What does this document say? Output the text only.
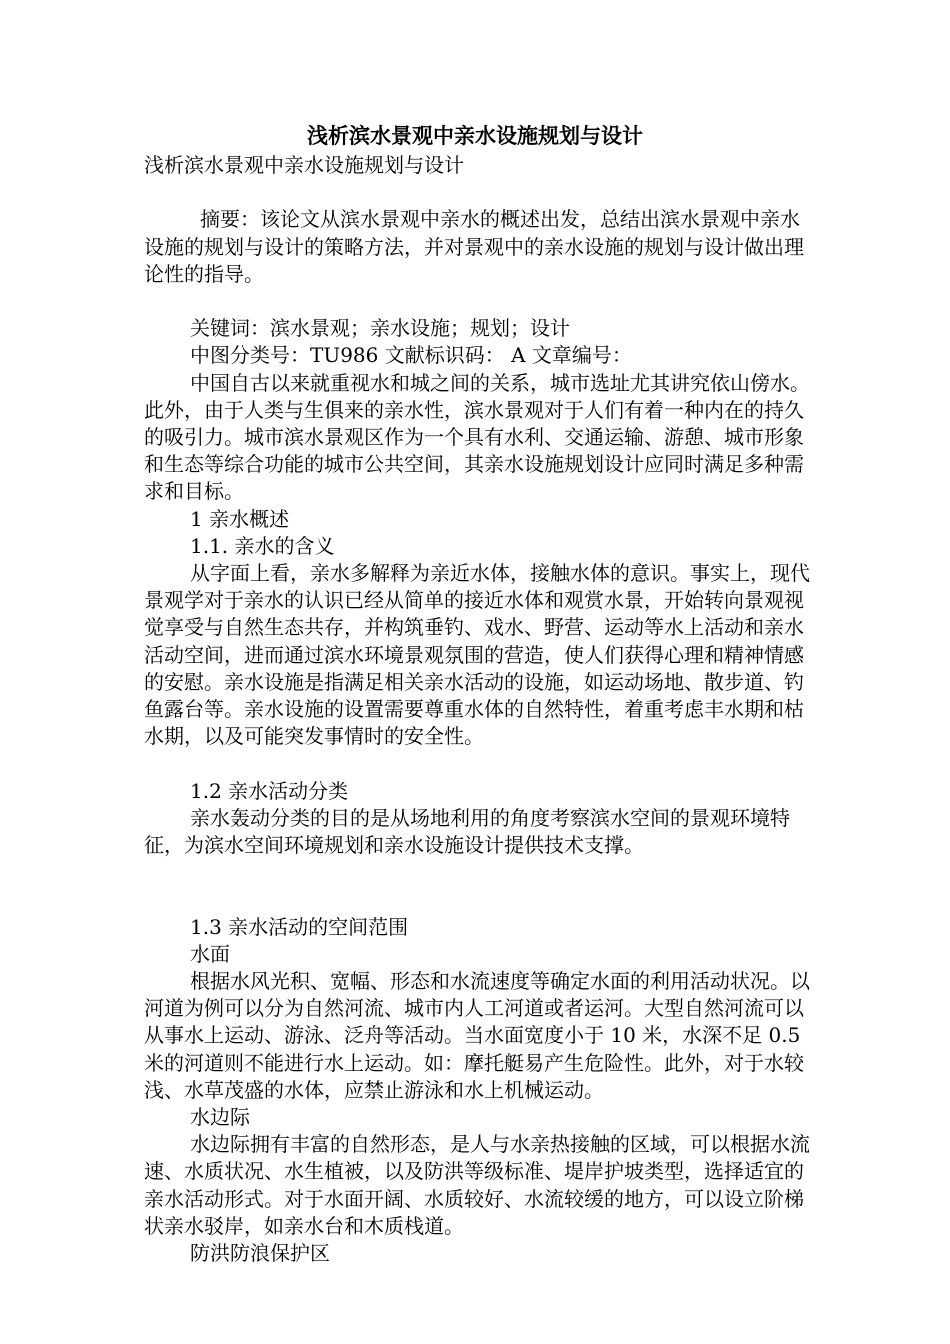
浅析滨水景观中亲水设施规划与设计

浅析滨水景观中亲水设施规划与设计

摘要：该论文从滨水景观中亲水的概述出发，总结出滨水景观中亲水设施的规划与设计的策略方法，并对景观中的亲水设施的规划与设计做出理论性的指导。

关键词：滨水景观；亲水设施；规划；设计

中图分类号：TU986 文献标识码： A 文章编号：

中国自古以来就重视水和城之间的关系，城市选址尤其讲究依山傍水。此外，由于人类与生俱来的亲水性，滨水景观对于人们有着一种内在的持久的吸引力。城市滨水景观区作为一个具有水利、交通运输、游憩、城市形象和生态等综合功能的城市公共空间，其亲水设施规划设计应同时满足多种需求和目标。

1 亲水概述

1.1. 亲水的含义

从字面上看，亲水多解释为亲近水体，接触水体的意识。事实上，现代景观学对于亲水的认识已经从简单的接近水体和观赏水景，开始转向景观视觉享受与自然生态共存，并构筑垂钓、戏水、野营、运动等水上活动和亲水活动空间，进而通过滨水环境景观氛围的营造，使人们获得心理和精神情感的安慰。亲水设施是指满足相关亲水活动的设施，如运动场地、散步道、钓鱼露台等。亲水设施的设置需要尊重水体的自然特性，着重考虑丰水期和枯水期，以及可能突发事情时的安全性。

1.2 亲水活动分类

亲水轰动分类的目的是从场地利用的角度考察滨水空间的景观环境特征，为滨水空间环境规划和亲水设施设计提供技术支撑。

1.3 亲水活动的空间范围

水面

根据水风光积、宽幅、形态和水流速度等确定水面的利用活动状况。以河道为例可以分为自然河流、城市内人工河道或者运河。大型自然河流可以从事水上运动、游泳、泛舟等活动。当水面宽度小于 10 米，水深不足 0.5 米的河道则不能进行水上运动。如：摩托艇易产生危险性。此外，对于水较浅、水草茂盛的水体，应禁止游泳和水上机械运动。

水边际

水边际拥有丰富的自然形态，是人与水亲热接触的区域，可以根据水流速、水质状况、水生植被，以及防洪等级标准、堤岸护坡类型，选择适宜的亲水活动形式。对于水面开阔、水质较好、水流较缓的地方，可以设立阶梯状亲水驳岸，如亲水台和木质栈道。

防洪防浪保护区
